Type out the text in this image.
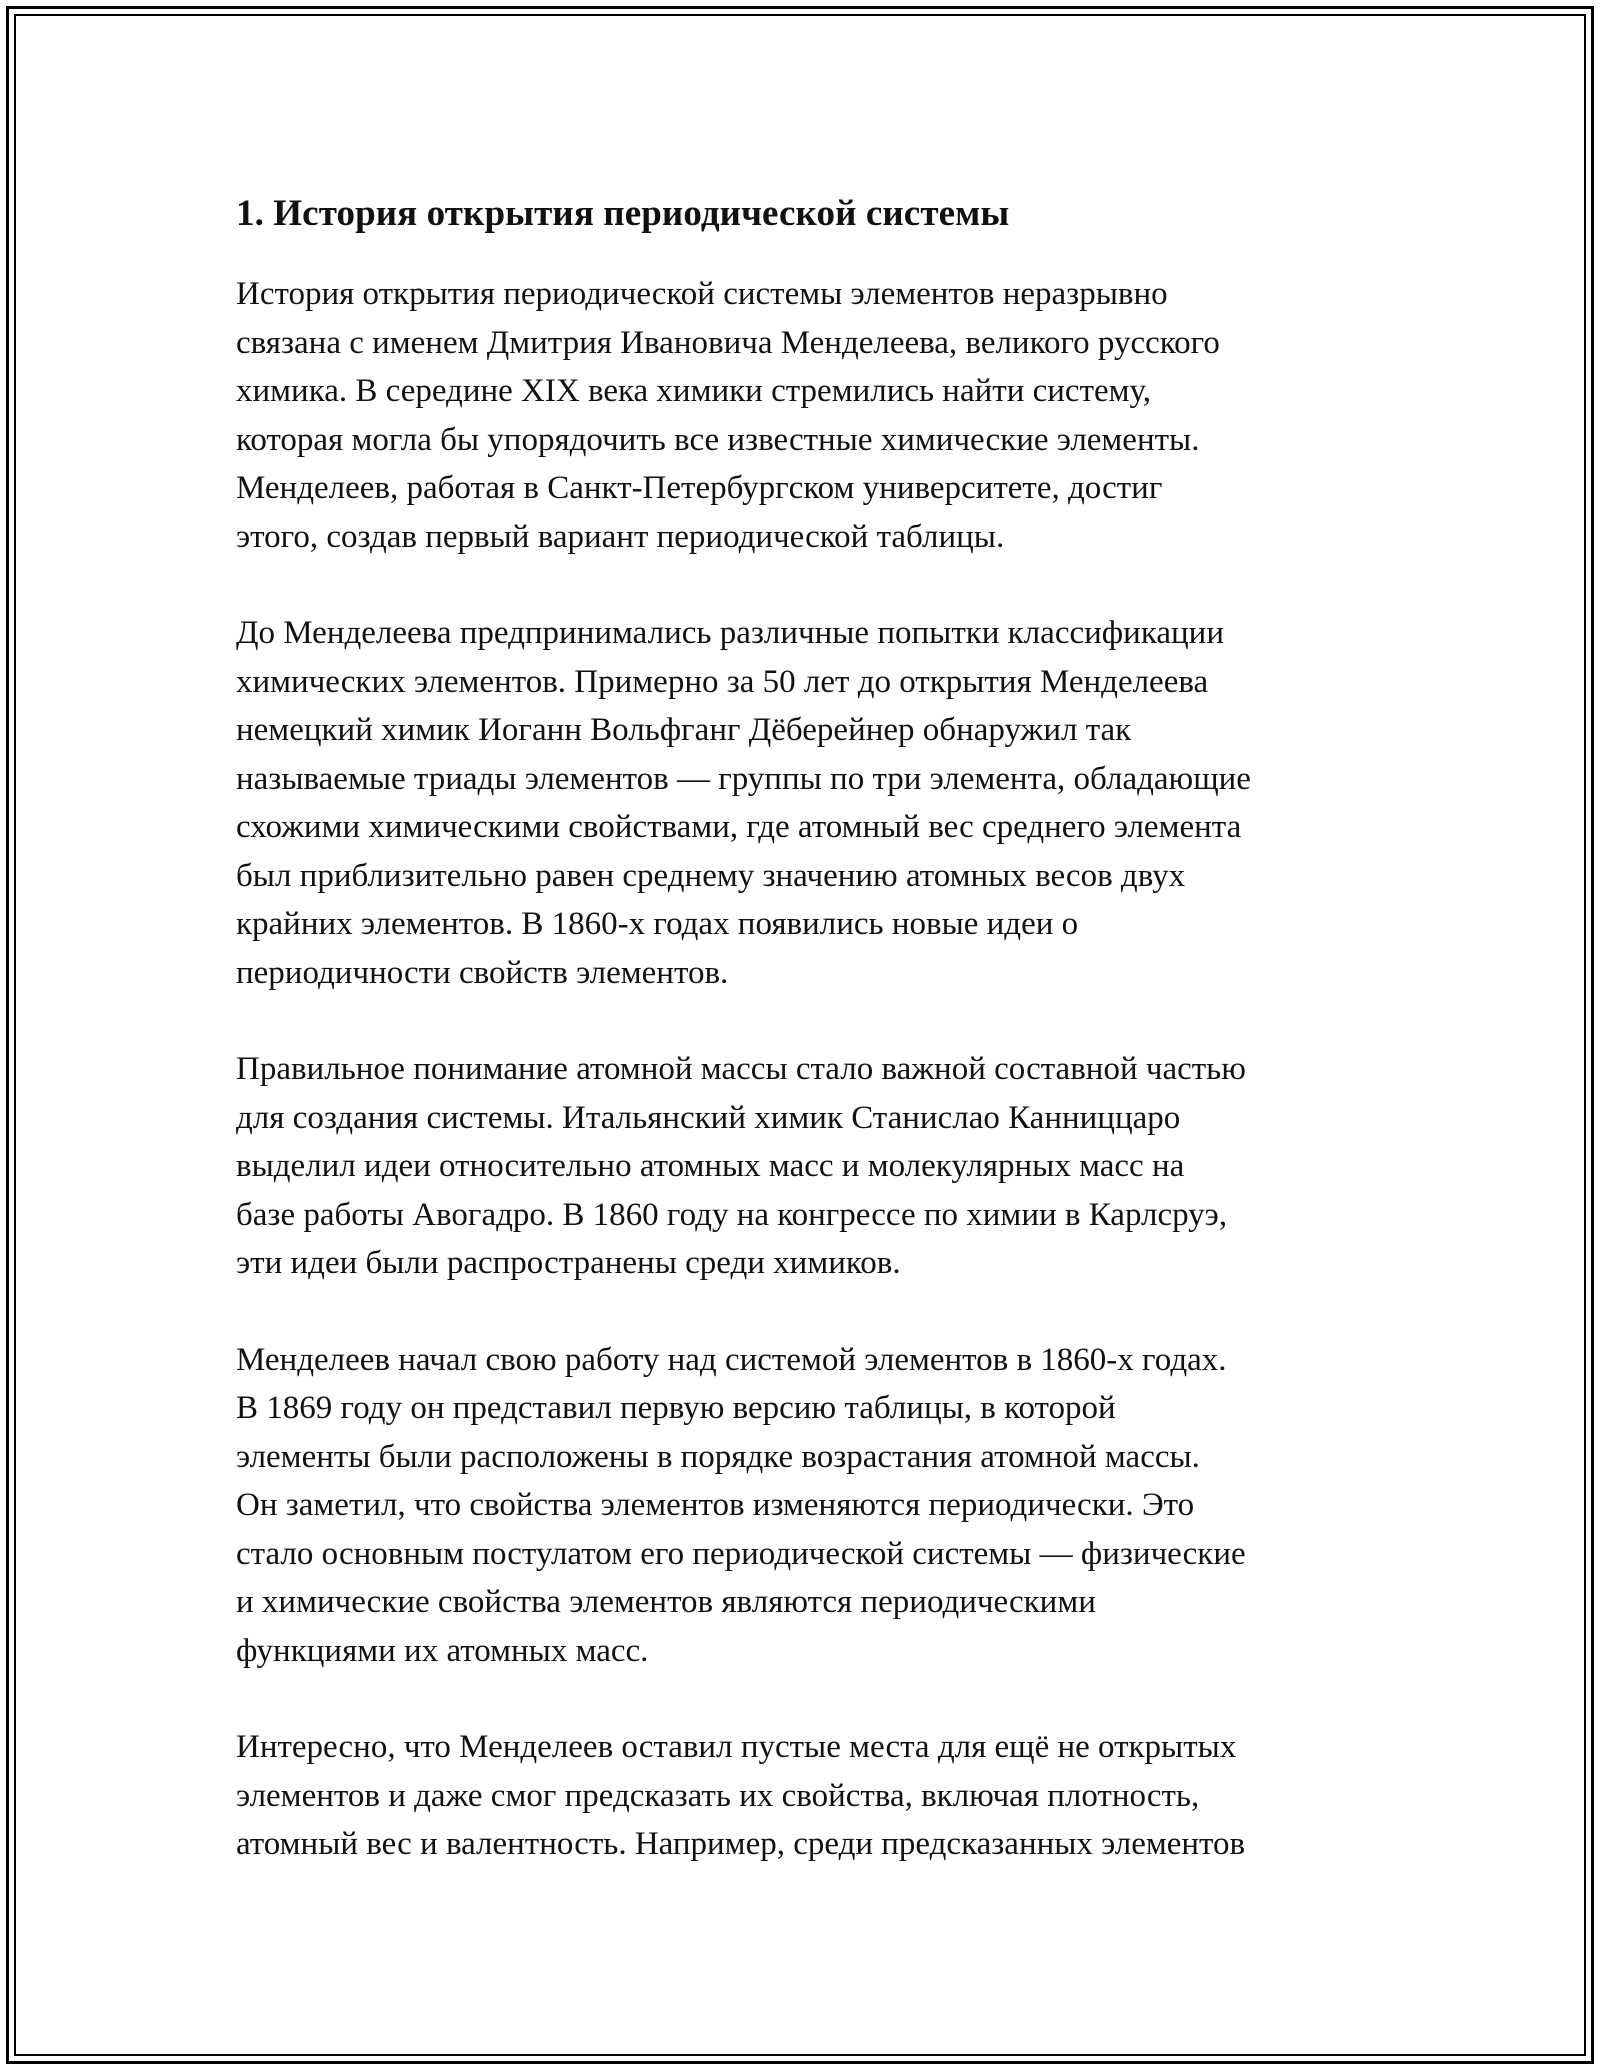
1. История открытия периодической системы

История открытия периодической системы элементов неразрывно
связана с именем Дмитрия Ивановича Менделеева, великого русского
химика. В середине XIX века химики стремились найти систему,
которая могла бы упорядочить все известные химические элементы.
Менделеев, работая в Санкт-Петербургском университете, достиг
этого, создав первый вариант периодической таблицы.

До Менделеева предпринимались различные попытки классификации
химических элементов. Примерно за 50 лет до открытия Менделеева
немецкий химик Иоганн Вольфганг Дёберейнер обнаружил так
называемые триады элементов — группы по три элемента, обладающие
схожими химическими свойствами, где атомный вес среднего элемента
был приблизительно равен среднему значению атомных весов двух
крайних элементов. В 1860-х годах появились новые идеи о
периодичности свойств элементов.

Правильное понимание атомной массы стало важной составной частью
для создания системы. Итальянский химик Станислао Канниццаро
выделил идеи относительно атомных масс и молекулярных масс на
базе работы Авогадро. В 1860 году на конгрессе по химии в Карлсруэ,
эти идеи были распространены среди химиков.

Менделеев начал свою работу над системой элементов в 1860-х годах.
В 1869 году он представил первую версию таблицы, в которой
элементы были расположены в порядке возрастания атомной массы.
Он заметил, что свойства элементов изменяются периодически. Это
стало основным постулатом его периодической системы — физические
и химические свойства элементов являются периодическими
функциями их атомных масс.

Интересно, что Менделеев оставил пустые места для ещё не открытых
элементов и даже смог предсказать их свойства, включая плотность,
атомный вес и валентность. Например, среди предсказанных элементов
